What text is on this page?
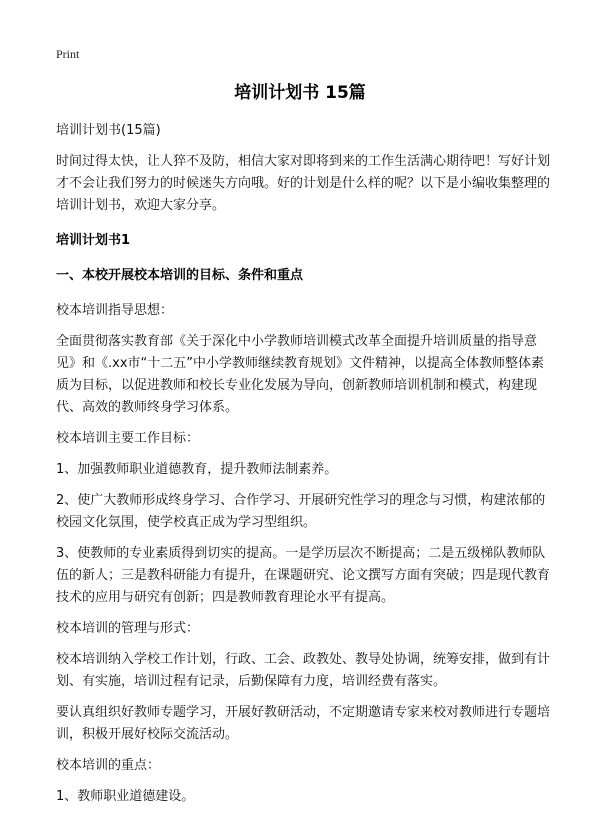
Print
培训计划书 15篇

培训计划书(15篇)

时间过得太快，让人猝不及防，相信大家对即将到来的工作生活满心期待吧！写好计划才不会让我们努力的时候迷失方向哦。好的计划是什么样的呢？以下是小编收集整理的培训计划书，欢迎大家分享。

培训计划书1

一、本校开展校本培训的目标、条件和重点

校本培训指导思想：

全面贯彻落实教育部《关于深化中小学教师培训模式改革全面提升培训质量的指导意见》和《.xx市“十二五”中小学教师继续教育规划》文件精神，以提高全体教师整体素质为目标，以促进教师和校长专业化发展为导向，创新教师培训机制和模式，构建现代、高效的教师终身学习体系。

校本培训主要工作目标：

1、加强教师职业道德教育，提升教师法制素养。

2、使广大教师形成终身学习、合作学习、开展研究性学习的理念与习惯，构建浓郁的校园文化氛围，使学校真正成为学习型组织。

3、使教师的专业素质得到切实的提高。一是学历层次不断提高；二是五级梯队教师队伍的新人；三是教科研能力有提升，在课题研究、论文撰写方面有突破；四是现代教育技术的应用与研究有创新；四是教师教育理论水平有提高。

校本培训的管理与形式：

校本培训纳入学校工作计划，行政、工会、政教处、教导处协调，统筹安排，做到有计划、有实施，培训过程有记录，后勤保障有力度，培训经费有落实。

要认真组织好教师专题学习，开展好教研活动，不定期邀请专家来校对教师进行专题培训，积极开展好校际交流活动。

校本培训的重点：

1、教师职业道德建设。
